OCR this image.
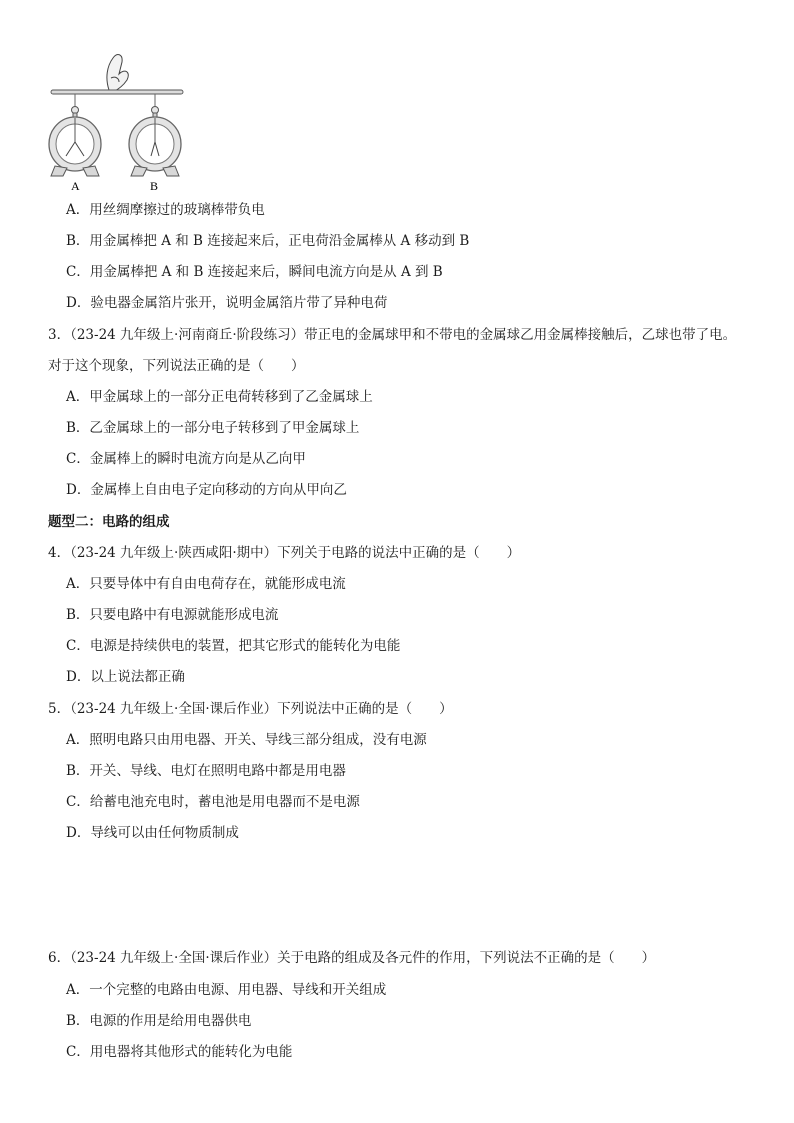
A	B
A．用丝绸摩擦过的玻璃棒带负电
B．用金属棒把 A 和 B 连接起来后，正电荷沿金属棒从 A 移动到 B
C．用金属棒把 A 和 B 连接起来后，瞬间电流方向是从 A 到 B
D．验电器金属箔片张开，说明金属箔片带了异种电荷
3．（23-24 九年级上·河南商丘·阶段练习）带正电的金属球甲和不带电的金属球乙用金属棒接触后，乙球也带了电。
对于这个现象，下列说法正确的是（　　）
A．甲金属球上的一部分正电荷转移到了乙金属球上
B．乙金属球上的一部分电子转移到了甲金属球上
C．金属棒上的瞬时电流方向是从乙向甲
D．金属棒上自由电子定向移动的方向从甲向乙
题型二：电路的组成
4．（23-24 九年级上·陕西咸阳·期中）下列关于电路的说法中正确的是（　　）
A．只要导体中有自由电荷存在，就能形成电流
B．只要电路中有电源就能形成电流
C．电源是持续供电的装置，把其它形式的能转化为电能
D．以上说法都正确
5．（23-24 九年级上·全国·课后作业）下列说法中正确的是（　　）
A．照明电路只由用电器、开关、导线三部分组成，没有电源
B．开关、导线、电灯在照明电路中都是用电器
C．给蓄电池充电时，蓄电池是用电器而不是电源
D．导线可以由任何物质制成
6．（23-24 九年级上·全国·课后作业）关于电路的组成及各元件的作用，下列说法不正确的是（　　）
A．一个完整的电路由电源、用电器、导线和开关组成
B．电源的作用是给用电器供电
C．用电器将其他形式的能转化为电能
